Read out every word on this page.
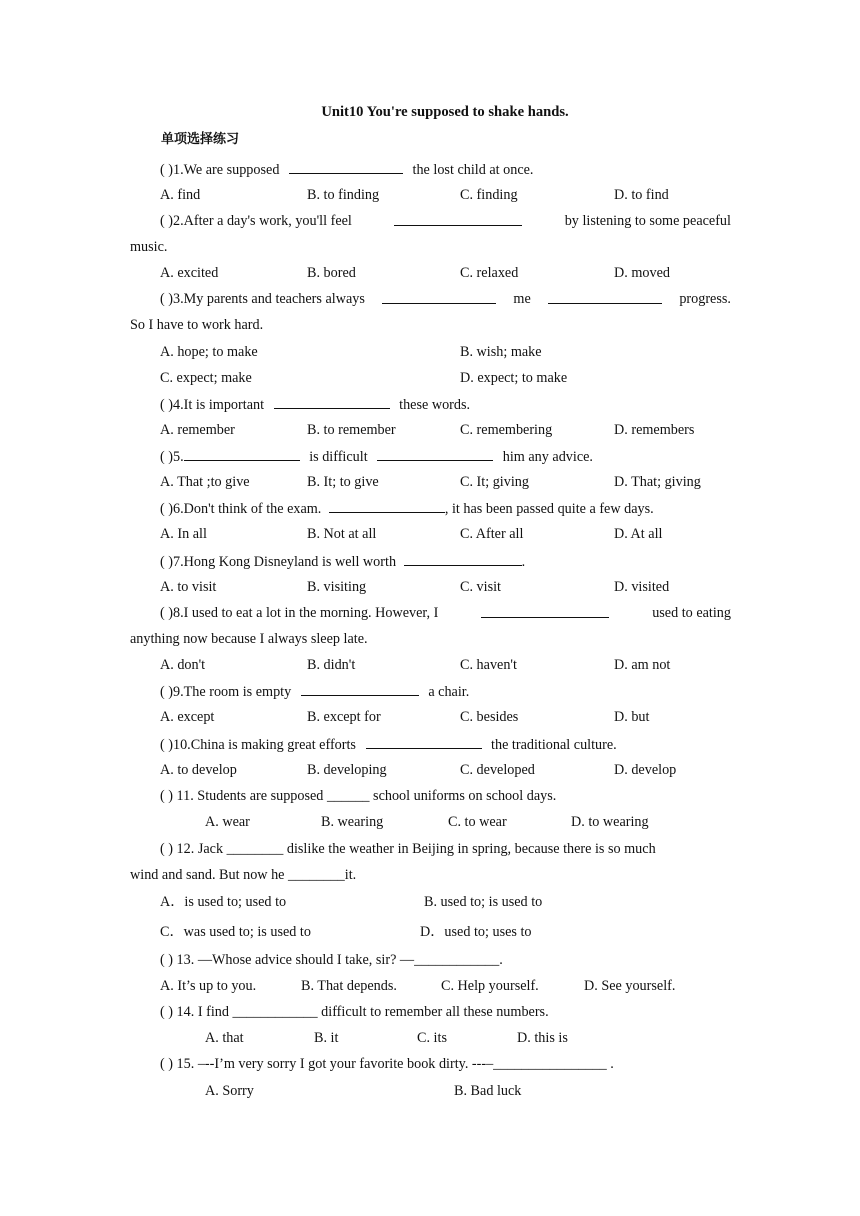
Unit10 You're supposed to shake hands.
单项选择练习
( )1.We are supposed	the lost child at once.
A. find	B. to finding	C. finding	D. to find
( )2.After a day's work, you'll feel	by listening to some peaceful
music.
A. excited	B. bored	C. relaxed	D. moved
( )3.My parents and teachers always	me	progress.
So I have to work hard.
A. hope; to make	B. wish; make
C. expect; make	D. expect; to make
( )4.It is important	these words.
A. remember	B. to remember	C. remembering	D. remembers
( )5.	is difficult	him any advice.
A. That ;to give	B. It; to give	C. It; giving	D. That; giving
( )6.Don't think of the exam.	, it has been passed quite a few days.
A. In all	B. Not at all	C. After all	D. At all
( )7.Hong Kong Disneyland is well worth	.
A. to visit	B. visiting	C. visit	D. visited
( )8.I used to eat a lot in the morning. However, I	used to eating
anything now because I always sleep late.
A. don't	B. didn't	C. haven't	D. am not
( )9.The room is empty	a chair.
A. except	B. except for	C. besides	D. but
( )10.China is making great efforts	the traditional culture.
A. to develop	B. developing	C. developed	D. develop
( ) 11. Students are supposed ______ school uniforms on school days.
A. wear	B. wearing	C. to wear	D. to wearing
( ) 12. Jack ________ dislike the weather in Beijing in spring, because there is so much
wind and sand. But now he ________it.
A．is used to; used to	B. used to; is used to
C．was used to; is used to	D．used to; uses to
( ) 13. —Whose advice should I take, sir? —____________.
A. It’s up to you.	B. That depends.	C. Help yourself.	D. See yourself.
( ) 14. I find ____________ difficult to remember all these numbers.
A. that	B. it	C. its	D. this is
( ) 15. –--I’m very sorry I got your favorite book dirty. ---–________________ .
A. Sorry	B. Bad luck
